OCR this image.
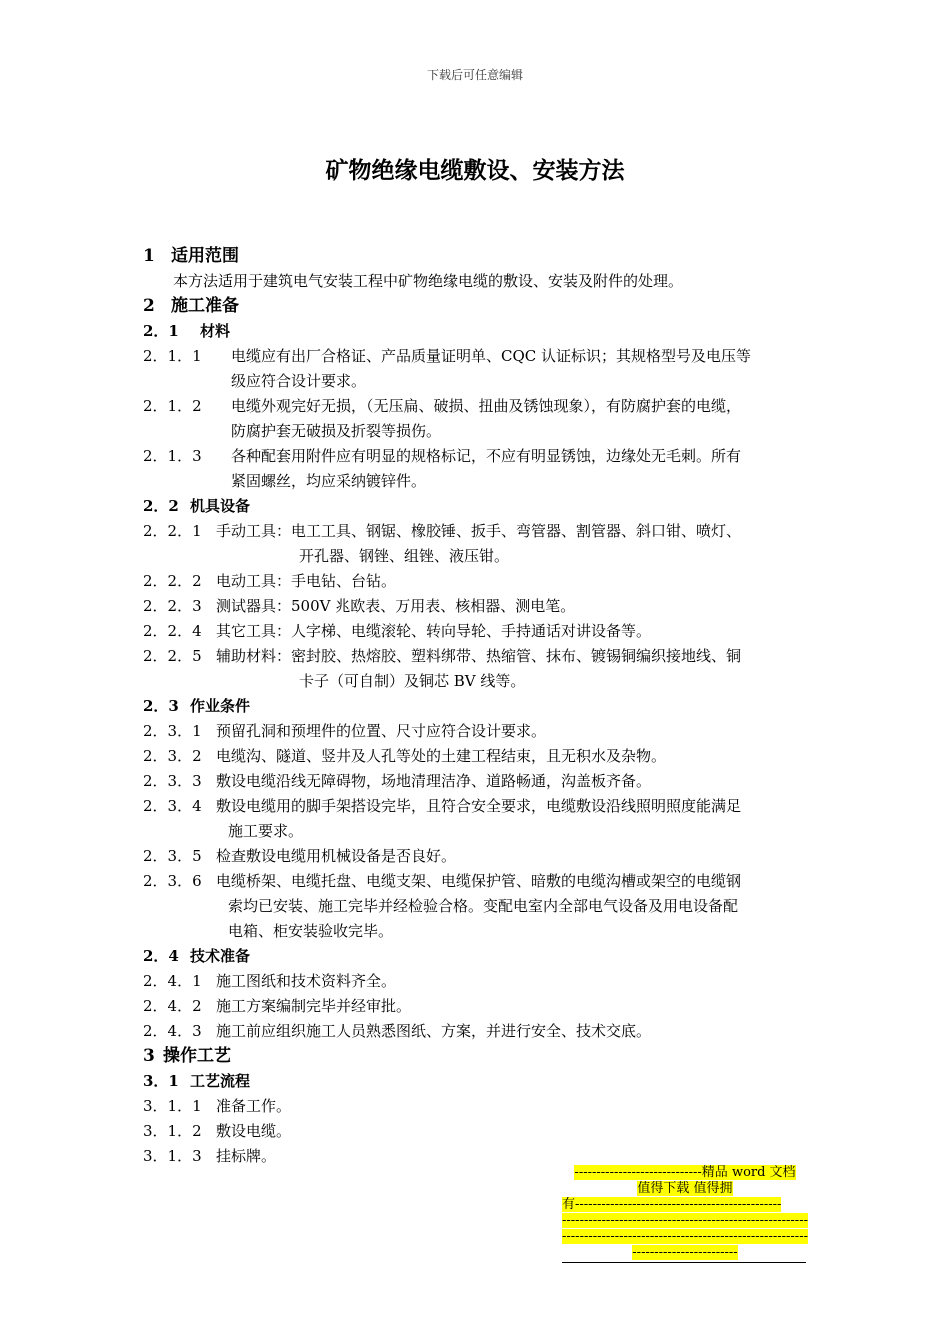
下载后可任意编辑
矿物绝缘电缆敷设、安装方法
1 适用范围
本方法适用于建筑电气安装工程中矿物绝缘电缆的敷设、安装及附件的处理。
2 施工准备
2．1 材料
2．1．1 电缆应有出厂合格证、产品质量证明单、CQC 认证标识；其规格型号及电压等
级应符合设计要求。
2．1．2 电缆外观完好无损，（无压扁、破损、扭曲及锈蚀现象），有防腐护套的电缆，
防腐护套无破损及折裂等损伤。
2．1．3 各种配套用附件应有明显的规格标记，不应有明显锈蚀，边缘处无毛刺。所有
紧固螺丝，均应采纳镀锌件。
2．2 机具设备
2．2．1 手动工具：电工工具、钢锯、橡胶锤、扳手、弯管器、割管器、斜口钳、喷灯、
开孔器、钢锉、组锉、液压钳。
2．2．2 电动工具：手电钻、台钻。
2．2．3 测试器具：500V 兆欧表、万用表、核相器、测电笔。
2．2．4 其它工具：人字梯、电缆滚轮、转向导轮、手持通话对讲设备等。
2．2．5 辅助材料：密封胶、热熔胶、塑料绑带、热缩管、抹布、镀锡铜编织接地线、铜
卡子（可自制）及铜芯 BV 线等。
2．3 作业条件
2．3．1 预留孔洞和预埋件的位置、尺寸应符合设计要求。
2．3．2 电缆沟、隧道、竖井及人孔等处的土建工程结束，且无积水及杂物。
2．3．3 敷设电缆沿线无障碍物，场地清理洁净、道路畅通，沟盖板齐备。
2．3．4 敷设电缆用的脚手架搭设完毕，且符合安全要求，电缆敷设沿线照明照度能满足
施工要求。
2．3．5 检查敷设电缆用机械设备是否良好。
2．3．6 电缆桥架、电缆托盘、电缆支架、电缆保护管、暗敷的电缆沟槽或架空的电缆钢
索均已安装、施工完毕并经检验合格。变配电室内全部电气设备及用电设备配
电箱、柜安装验收完毕。
2．4 技术准备
2．4．1 施工图纸和技术资料齐全。
2．4．2 施工方案编制完毕并经审批。
2．4．3 施工前应组织施工人员熟悉图纸、方案，并进行安全、技术交底。
3 操作工艺
3．1 工艺流程
3．1．1 准备工作。
3．1．2 敷设电缆。
3．1．3 挂标牌。
-----------------------------精品 word 文档
值得下载 值得拥
有-----------------------------------------------
--------------------------------------------------------
--------------------------------------------------------
------------------------
